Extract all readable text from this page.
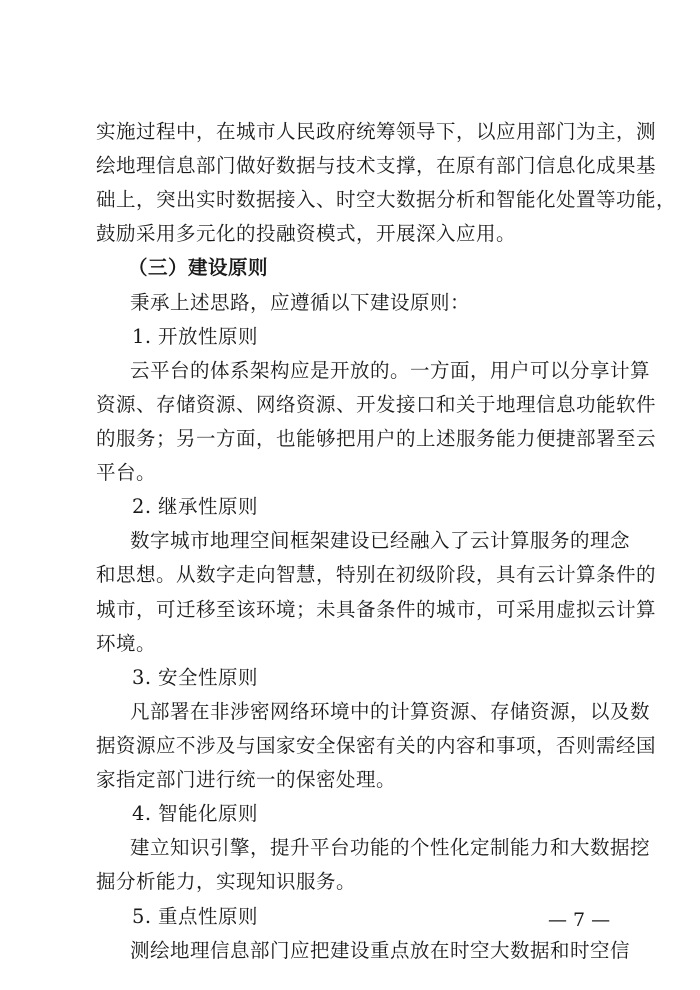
实施过程中，在城市人民政府统筹领导下，以应用部门为主，测
绘地理信息部门做好数据与技术支撑，在原有部门信息化成果基
础上，突出实时数据接入、时空大数据分析和智能化处置等功能，
鼓励采用多元化的投融资模式，开展深入应用。
（三）建设原则
秉承上述思路，应遵循以下建设原则：
1. 开放性原则
云平台的体系架构应是开放的。一方面，用户可以分享计算
资源、存储资源、网络资源、开发接口和关于地理信息功能软件
的服务；另一方面，也能够把用户的上述服务能力便捷部署至云
平台。
2. 继承性原则
数字城市地理空间框架建设已经融入了云计算服务的理念
和思想。从数字走向智慧，特别在初级阶段，具有云计算条件的
城市，可迁移至该环境；未具备条件的城市，可采用虚拟云计算
环境。
3. 安全性原则
凡部署在非涉密网络环境中的计算资源、存储资源，以及数
据资源应不涉及与国家安全保密有关的内容和事项，否则需经国
家指定部门进行统一的保密处理。
4. 智能化原则
建立知识引擎，提升平台功能的个性化定制能力和大数据挖
掘分析能力，实现知识服务。
5. 重点性原则
测绘地理信息部门应把建设重点放在时空大数据和时空信
— 7 —
